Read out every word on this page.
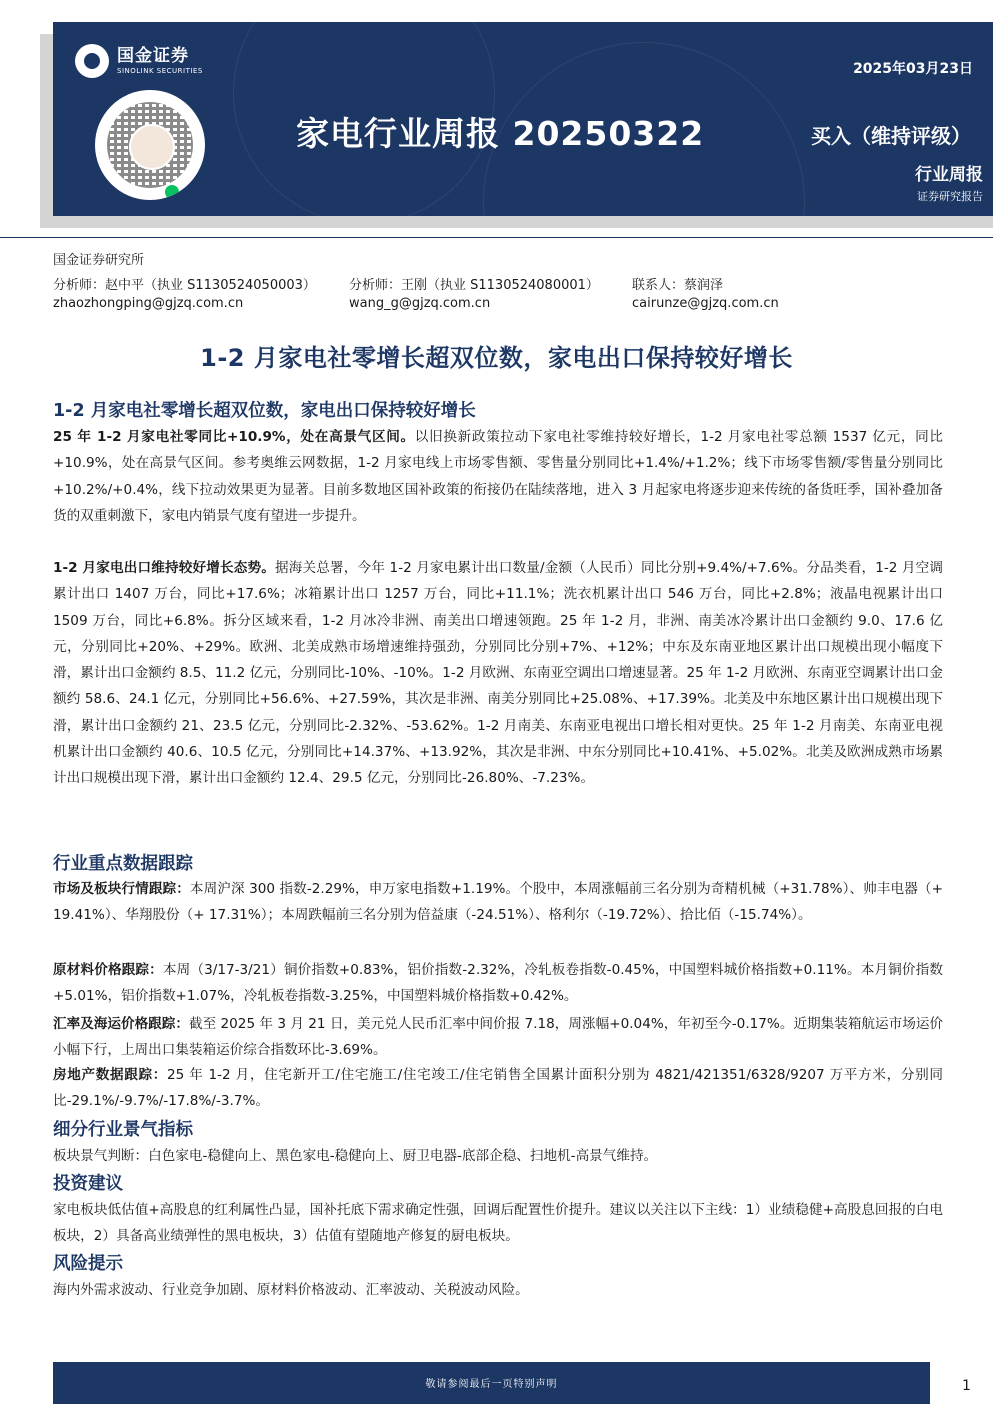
国金证券
SINOLINK SECURITIES
家电行业周报 20250322
2025年03月23日
买入（维持评级）
行业周报
证券研究报告
国金证券研究所
分析师：赵中平（执业 S1130524050003）	分析师：王刚（执业 S1130524080001）	联系人：蔡润泽
zhaozhongping@gjzq.com.cn	wang_g@gjzq.com.cn	cairunze@gjzq.com.cn
1-2 月家电社零增长超双位数，家电出口保持较好增长
1-2 月家电社零增长超双位数，家电出口保持较好增长
25 年 1-2 月家电社零同比+10.9%，处在高景气区间。以旧换新政策拉动下家电社零维持较好增长，1-2 月家电社零总额 1537 亿元，同比+10.9%，处在高景气区间。参考奥维云网数据，1-2 月家电线上市场零售额、零售量分别同比+1.4%/+1.2%；线下市场零售额/零售量分别同比+10.2%/+0.4%，线下拉动效果更为显著。目前多数地区国补政策的衔接仍在陆续落地，进入 3 月起家电将逐步迎来传统的备货旺季，国补叠加备货的双重刺激下，家电内销景气度有望进一步提升。
1-2 月家电出口维持较好增长态势。据海关总署，今年 1-2 月家电累计出口数量/金额（人民币）同比分别+9.4%/+7.6%。分品类看，1-2 月空调累计出口 1407 万台，同比+17.6%；冰箱累计出口 1257 万台，同比+11.1%；洗衣机累计出口 546 万台，同比+2.8%；液晶电视累计出口 1509 万台，同比+6.8%。拆分区域来看，1-2 月冰冷非洲、南美出口增速领跑。25 年 1-2 月，非洲、南美冰冷累计出口金额约 9.0、17.6 亿元，分别同比+20%、+29%。欧洲、北美成熟市场增速维持强劲，分别同比分别+7%、+12%；中东及东南亚地区累计出口规模出现小幅度下滑，累计出口金额约 8.5、11.2 亿元，分别同比-10%、-10%。1-2 月欧洲、东南亚空调出口增速显著。25 年 1-2 月欧洲、东南亚空调累计出口金额约 58.6、24.1 亿元，分别同比+56.6%、+27.59%，其次是非洲、南美分别同比+25.08%、+17.39%。北美及中东地区累计出口规模出现下滑，累计出口金额约 21、23.5 亿元，分别同比-2.32%、-53.62%。1-2 月南美、东南亚电视出口增长相对更快。25 年 1-2 月南美、东南亚电视机累计出口金额约 40.6、10.5 亿元，分别同比+14.37%、+13.92%，其次是非洲、中东分别同比+10.41%、+5.02%。北美及欧洲成熟市场累计出口规模出现下滑，累计出口金额约 12.4、29.5 亿元，分别同比-26.80%、-7.23%。
行业重点数据跟踪
市场及板块行情跟踪：本周沪深 300 指数-2.29%，申万家电指数+1.19%。个股中，本周涨幅前三名分别为奇精机械（+31.78%）、帅丰电器（+ 19.41%）、华翔股份（+ 17.31%）；本周跌幅前三名分别为倍益康（-24.51%）、格利尔（-19.72%）、拾比佰（-15.74%）。
原材料价格跟踪：本周（3/17-3/21）铜价指数+0.83%，铝价指数-2.32%，冷轧板卷指数-0.45%，中国塑料城价格指数+0.11%。本月铜价指数+5.01%，铝价指数+1.07%，冷轧板卷指数-3.25%，中国塑料城价格指数+0.42%。
汇率及海运价格跟踪：截至 2025 年 3 月 21 日，美元兑人民币汇率中间价报 7.18，周涨幅+0.04%，年初至今-0.17%。近期集装箱航运市场运价小幅下行，上周出口集装箱运价综合指数环比-3.69%。
房地产数据跟踪：25 年 1-2 月，住宅新开工/住宅施工/住宅竣工/住宅销售全国累计面积分别为 4821/421351/6328/9207 万平方米，分别同比-29.1%/-9.7%/-17.8%/-3.7%。
细分行业景气指标
板块景气判断：白色家电-稳健向上、黑色家电-稳健向上、厨卫电器-底部企稳、扫地机-高景气维持。
投资建议
家电板块低估值+高股息的红利属性凸显，国补托底下需求确定性强，回调后配置性价提升。建议以关注以下主线：1）业绩稳健+高股息回报的白电板块，2）具备高业绩弹性的黑电板块，3）估值有望随地产修复的厨电板块。
风险提示
海内外需求波动、行业竞争加剧、原材料价格波动、汇率波动、关税波动风险。
敬请参阅最后一页特别声明	1
